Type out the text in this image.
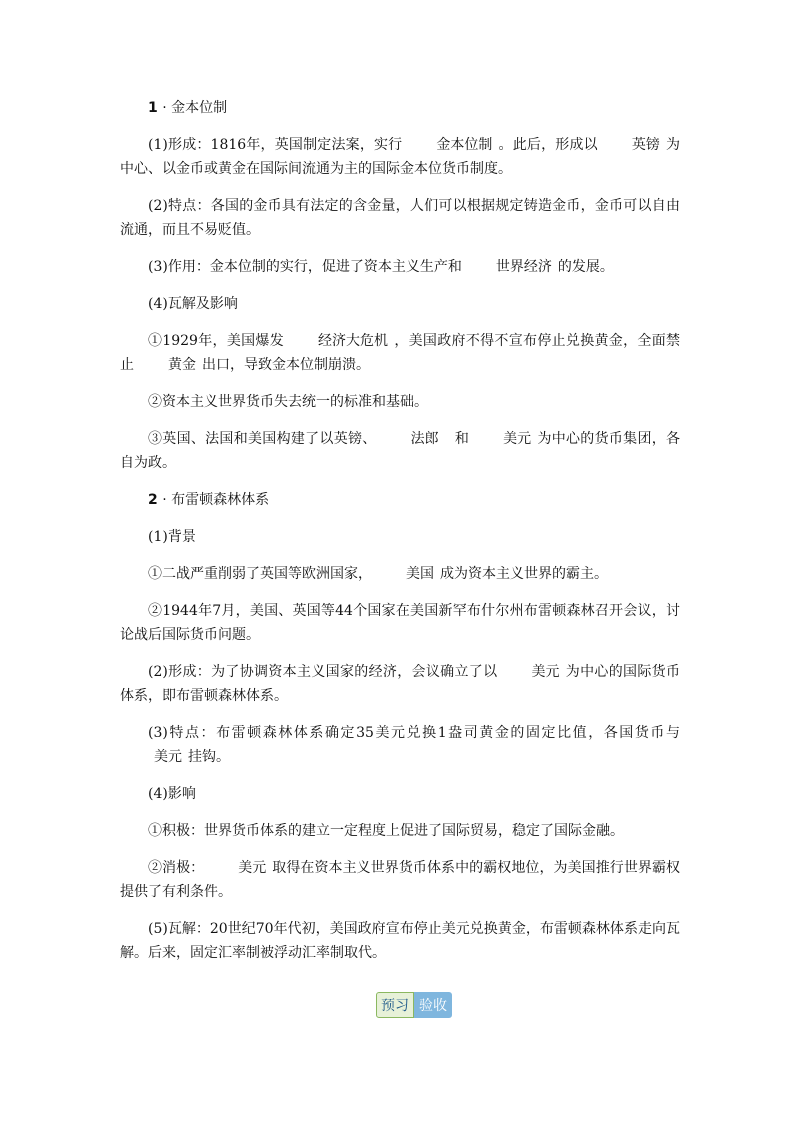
1 · 金本位制

(1)形成：1816年，英国制定法案，实行 金本位制 。此后，形成以 英镑 为中心、以金币或黄金在国际间流通为主的国际金本位货币制度。

(2)特点：各国的金币具有法定的含金量，人们可以根据规定铸造金币，金币可以自由流通，而且不易贬值。

(3)作用：金本位制的实行，促进了资本主义生产和 世界经济 的发展。

(4)瓦解及影响

①1929年，美国爆发 经济大危机 ，美国政府不得不宣布停止兑换黄金，全面禁止 黄金 出口，导致金本位制崩溃。

②资本主义世界货币失去统一的标准和基础。

③英国、法国和美国构建了以英镑、 法郎 和 美元 为中心的货币集团，各自为政。

2 · 布雷顿森林体系

(1)背景

①二战严重削弱了英国等欧洲国家， 美国 成为资本主义世界的霸主。

②1944年7月，美国、英国等44个国家在美国新罕布什尔州布雷顿森林召开会议，讨论战后国际货币问题。

(2)形成：为了协调资本主义国家的经济，会议确立了以 美元 为中心的国际货币体系，即布雷顿森林体系。

(3)特点：布雷顿森林体系确定35美元兑换1盎司黄金的固定比值，各国货币与美元 挂钩。

(4)影响

①积极：世界货币体系的建立一定程度上促进了国际贸易，稳定了国际金融。

②消极： 美元 取得在资本主义世界货币体系中的霸权地位，为美国推行世界霸权提供了有利条件。

(5)瓦解：20世纪70年代初，美国政府宣布停止美元兑换黄金，布雷顿森林体系走向瓦解。后来，固定汇率制被浮动汇率制取代。

预习 验收
